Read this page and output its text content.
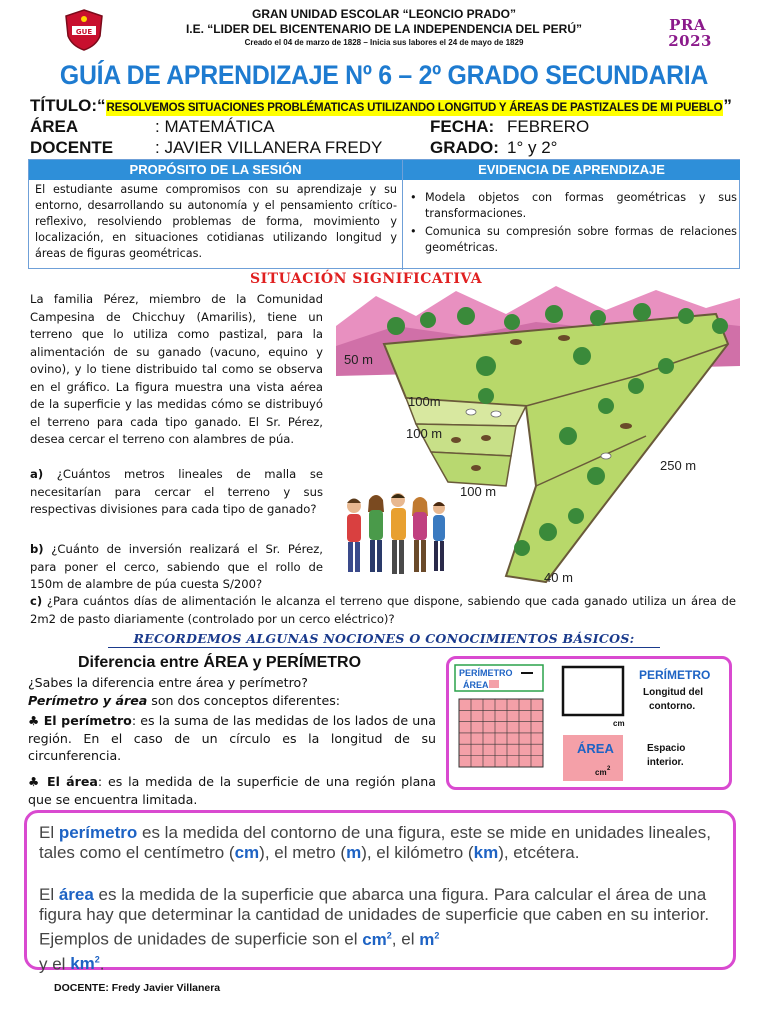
GUE
GRAN UNIDAD ESCOLAR “LEONCIO PRADO”
I.E. “LIDER DEL BICENTENARIO DE LA INDEPENDENCIA DEL PERÚ”
Creado el 04 de marzo de 1828 – Inicia sus labores el 24 de mayo de 1829
PRA
2023
GUÍA DE APRENDIZAJE Nº 6 – 2º GRADO SECUNDARIA
TÍTULO:“RESOLVEMOS SITUACIONES PROBLÉMATICAS UTILIZANDO LONGITUD Y ÁREAS DE PASTIZALES DE MI PUEBLO”
ÁREA	: MATEMÁTICA	FECHA: FEBRERO
DOCENTE : JAVIER VILLANERA FREDY	GRADO: 1° y 2°
PROPÓSITO DE LA SESIÓN	EVIDENCIA DE APRENDIZAJE
El estudiante asume compromisos con su aprendizaje y su entorno, desarrollando su autonomía y el pensamiento crítico- reflexivo, resolviendo problemas de forma, movimiento y localización, en situaciones cotidianas utilizando longitud y áreas de figuras geométricas.
• Modela objetos con formas geométricas y sus transformaciones.
• Comunica su compresión sobre formas de relaciones geométricas.
SITUACIÓN SIGNIFICATIVA
La familia Pérez, miembro de la Comunidad Campesina de Chicchuy (Amarilis), tiene un terreno que lo utiliza como pastizal, para la alimentación de su ganado (vacuno, equino y ovino), y lo tiene distribuido tal como se observa en el gráfico. La figura muestra una vista aérea de la superficie y las medidas cómo se distribuyó el terreno para cada tipo ganado. El Sr. Pérez, desea cercar el terreno con alambres de púa.
a) ¿Cuántos metros lineales de malla se necesitarían para cercar el terreno y sus respectivas divisiones para cada tipo de ganado?
b) ¿Cuánto de inversión realizará el Sr. Pérez, para poner el cerco, sabiendo que el rollo de 150m de alambre de púa cuesta S/200?
c) ¿Para cuántos días de alimentación le alcanza el terreno que dispone, sabiendo que cada ganado utiliza un área de 2m2 de pasto diariamente (controlado por un cerco eléctrico)?
50 m
100m
100 m
250 m
100 m
40 m
RECORDEMOS ALGUNAS NOCIONES O CONOCIMIENTOS BÁSICOS:
Diferencia entre ÁREA y PERÍMETRO
¿Sabes la diferencia entre área y perímetro?
Perímetro y área son dos conceptos diferentes:
♣ El perímetro: es la suma de las medidas de los lados de una región. En el caso de un círculo es la longitud de su circunferencia.
♣ El área: es la medida de la superficie de una región plana que se encuentra limitada.
PERÍMETRO
ÁREA
cm
PERÍMETRO
Longitud del
contorno.
ÁREA
cm 2
Espacio
interior.

El perímetro es la medida del contorno de una figura, este se mide en unidades lineales, tales como el centímetro (cm), el metro (m), el kilómetro (km), etcétera.

El área es la medida de la superficie que abarca una figura. Para calcular el área de una figura hay que determinar la cantidad de unidades de superficie que caben en su interior. Ejemplos de unidades de superficie son el $cm^2$, el $m^2$
y el $km^2$.

DOCENTE: Fredy Javier Villanera
